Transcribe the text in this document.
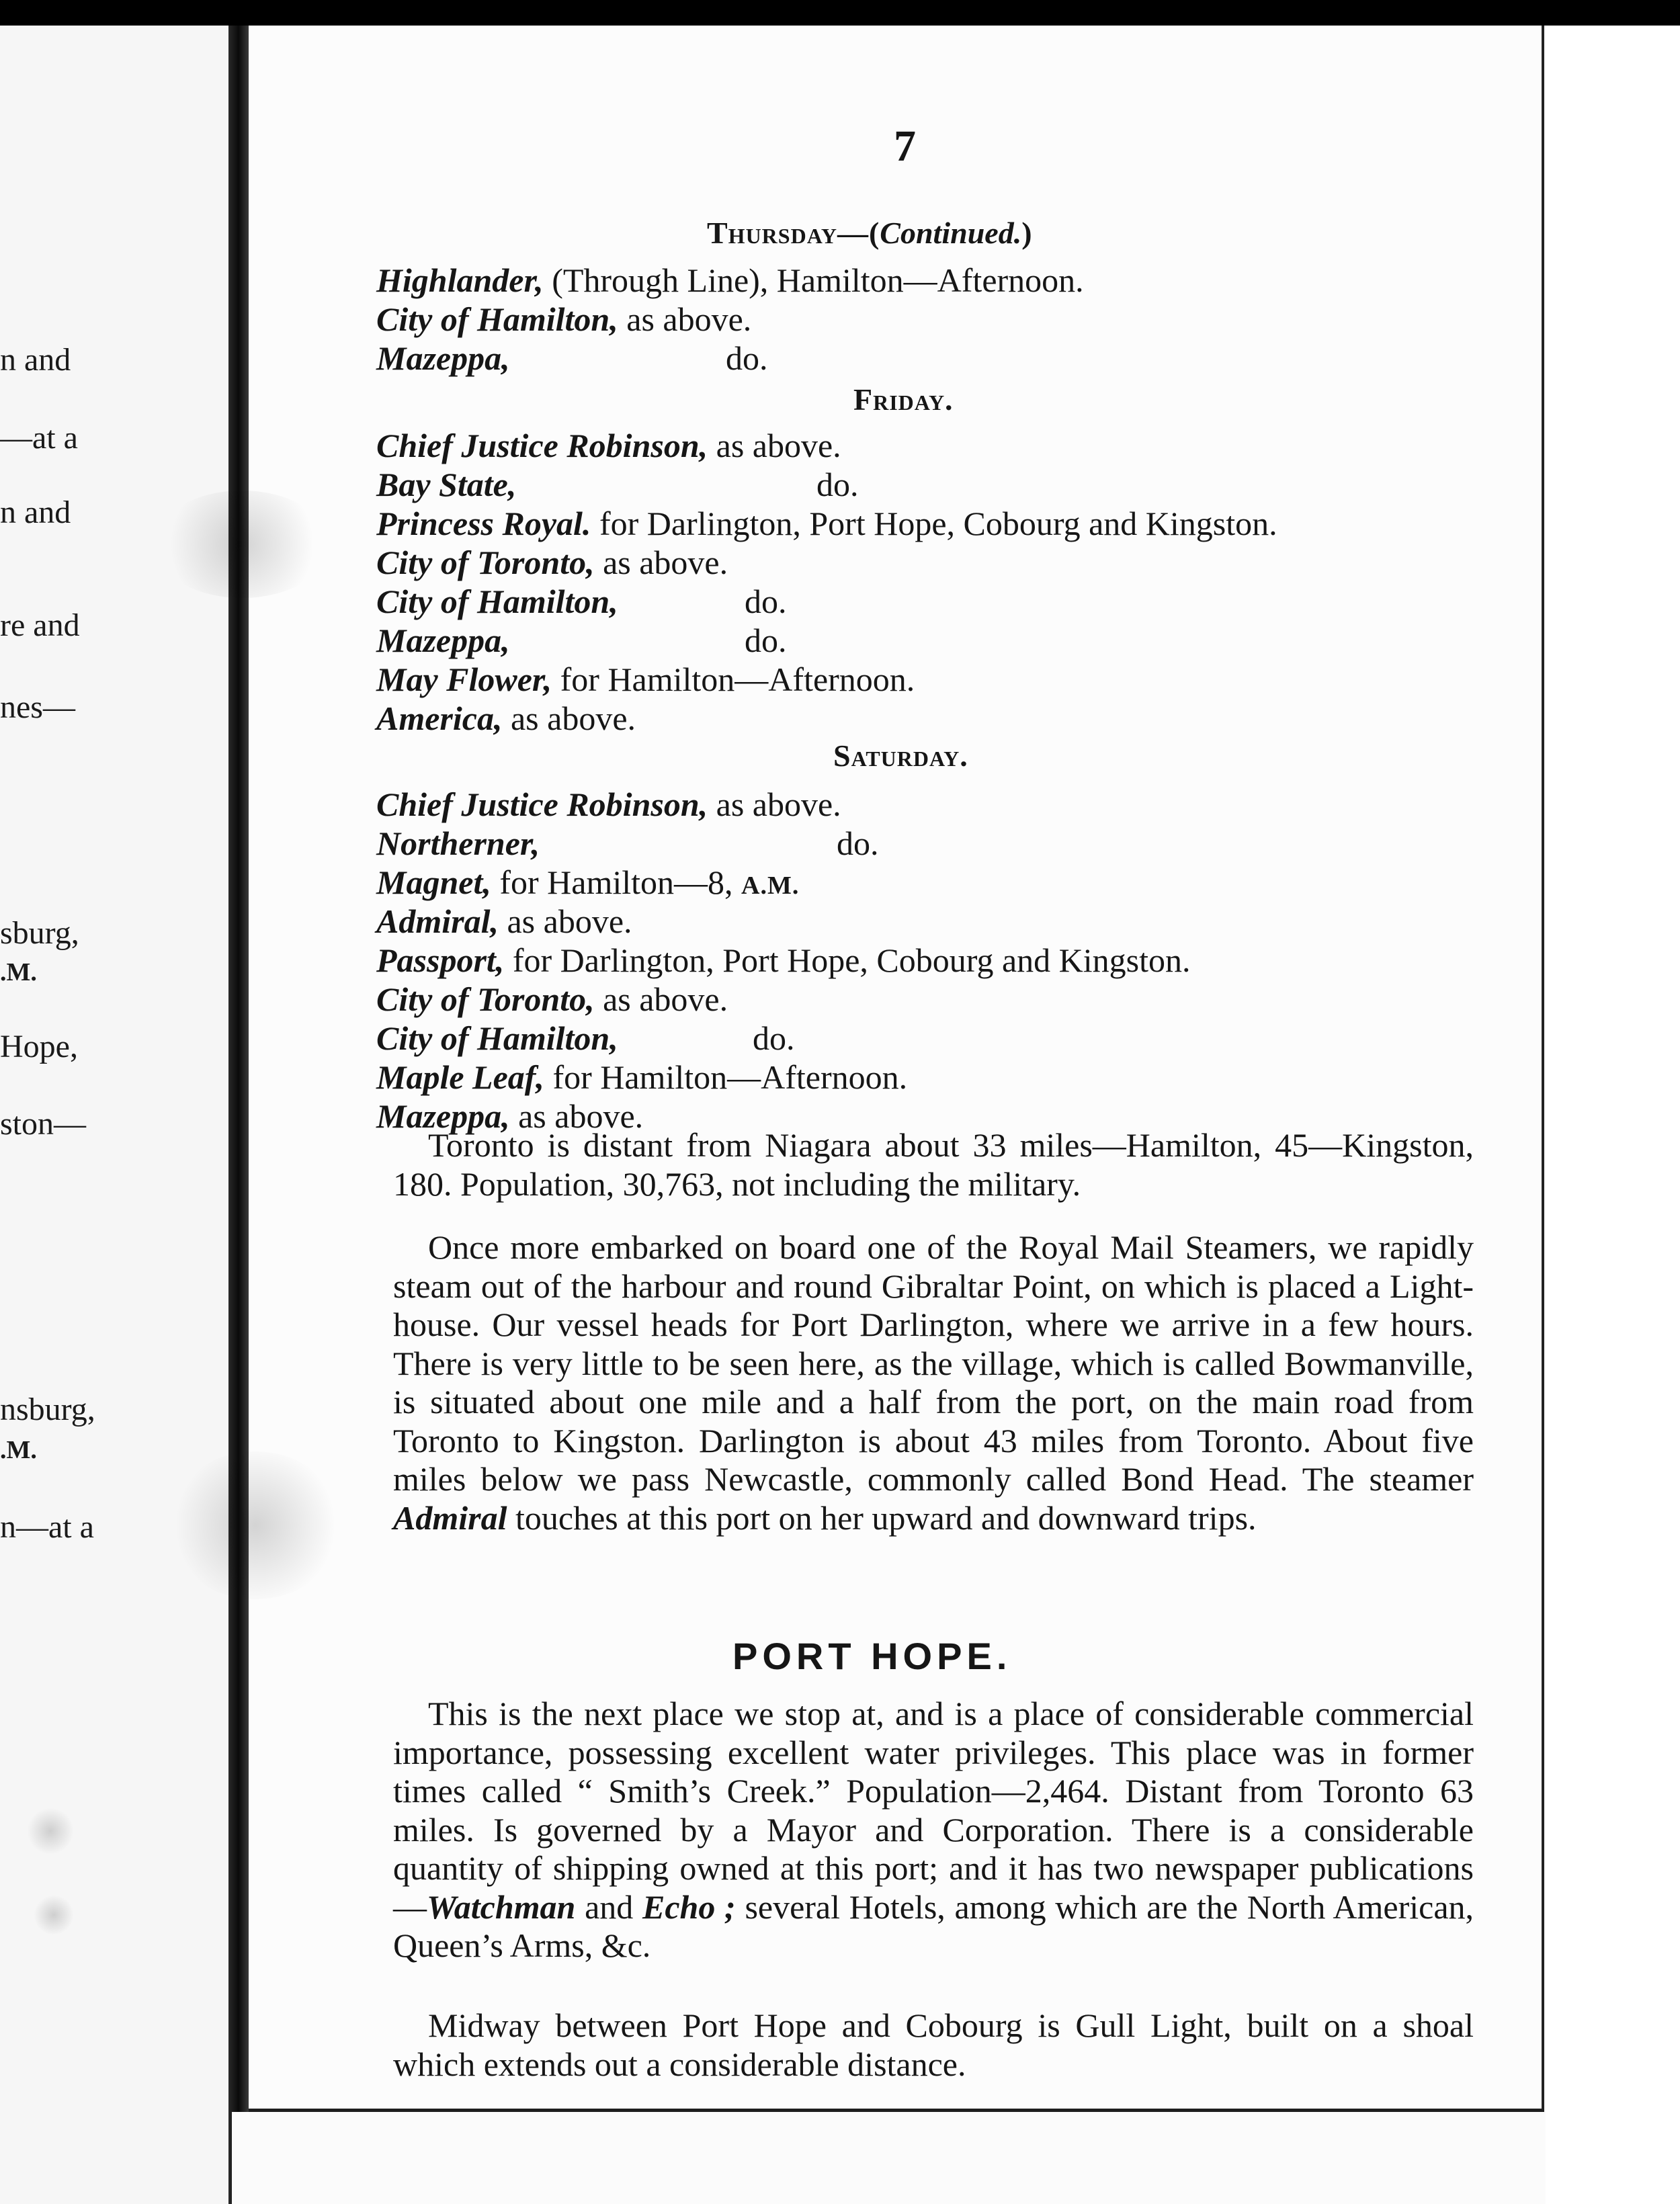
n and
—at a
n and
re and
nes—
sburg,
.M.
Hope,
ston—
nsburg,
.M.
n—at a

7
Thursday—(Continued.)
Highlander, (Through Line), Hamilton—Afternoon.
City of Hamilton, as above.
Mazeppa,	do.
Friday.
Chief Justice Robinson, as above.
Bay State,	do.
Princess Royal. for Darlington, Port Hope, Cobourg and Kingston.
City of Toronto, as above.
City of Hamilton,	do.
Mazeppa,	do.
May Flower, for Hamilton—Afternoon.
America, as above.
Saturday.
Chief Justice Robinson, as above.
Northerner,	do.
Magnet, for Hamilton—8, A.M.
Admiral, as above.
Passport, for Darlington, Port Hope, Cobourg and Kingston.
City of Toronto, as above.
City of Hamilton,	do.
Maple Leaf, for Hamilton—Afternoon.
Mazeppa, as above.

Toronto is distant from Niagara about 33 miles—Hamilton, 45—Kingston, 180. Population, 30,763, not including the military.

Once more embarked on board one of the Royal Mail Steamers, we rapidly steam out of the harbour and round Gibraltar Point, on which is placed a Light-house. Our vessel heads for Port Darlington, where we arrive in a few hours. There is very little to be seen here, as the village, which is called Bowmanville, is situated about one mile and a half from the port, on the main road from Toronto to Kingston. Darlington is about 43 miles from Toronto. About five miles below we pass Newcastle, commonly called Bond Head. The steamer Admiral touches at this port on her upward and downward trips.

PORT HOPE.

This is the next place we stop at, and is a place of considerable commercial importance, possessing excellent water privileges. This place was in former times called “ Smith’s Creek.” Population—2,464. Distant from Toronto 63 miles. Is governed by a Mayor and Corporation. There is a considerable quantity of shipping owned at this port; and it has two newspaper publications—Watchman and Echo ; several Hotels, among which are the North American, Queen’s Arms, &c.

Midway between Port Hope and Cobourg is Gull Light, built on a shoal which extends out a considerable distance.
